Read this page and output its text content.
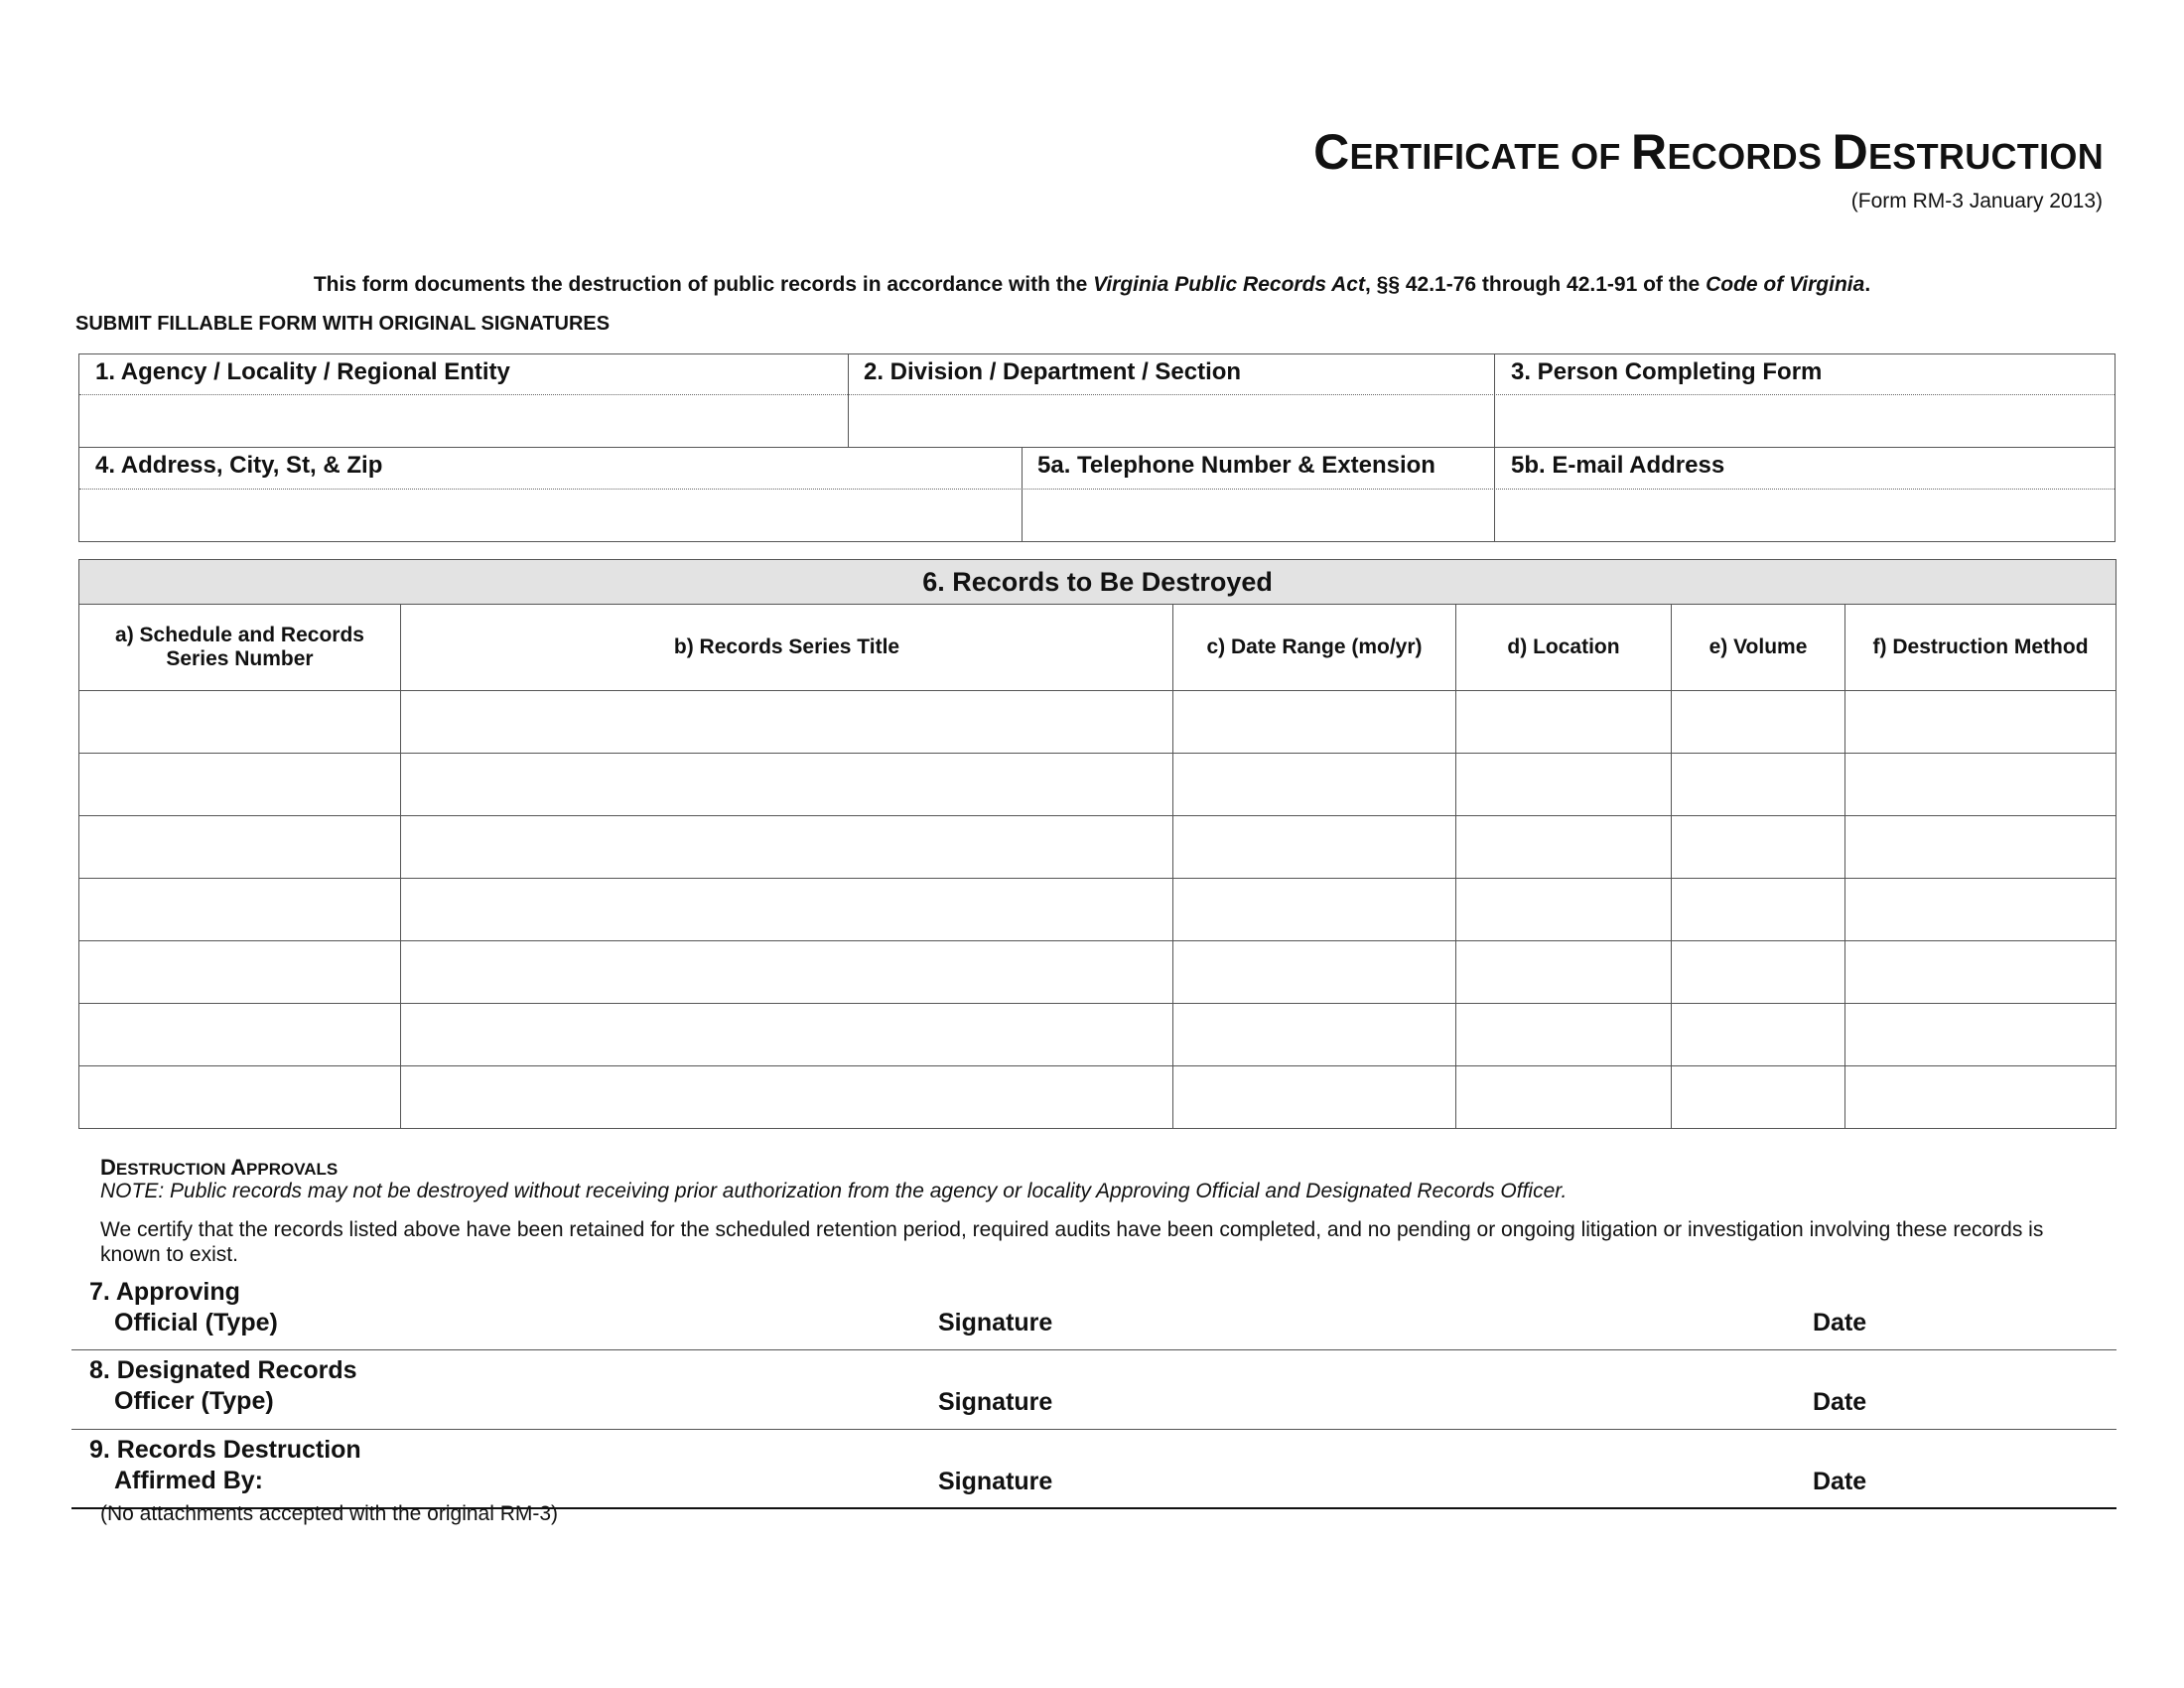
CERTIFICATE OF RECORDS DESTRUCTION
(Form RM-3 January 2013)
This form documents the destruction of public records in accordance with the Virginia Public Records Act, §§ 42.1-76 through 42.1-91 of the Code of Virginia.
SUBMIT FILLABLE FORM WITH ORIGINAL SIGNATURES
1. Agency / Locality / Regional Entity	2. Division / Department / Section	3. Person Completing Form
4. Address, City, St, & Zip	5a. Telephone Number & Extension	5b. E-mail Address
6. Records to Be Destroyed					
a) Schedule and Records Series Number	b) Records Series Title	c) Date Range (mo/yr)	d) Location	e) Volume	f) Destruction Method

DESTRUCTION APPROVALS
NOTE: Public records may not be destroyed without receiving prior authorization from the agency or locality Approving Official and Designated Records Officer.
We certify that the records listed above have been retained for the scheduled retention period, required audits have been completed, and no pending or ongoing litigation or investigation involving these records is known to exist.
7. Approving
Official (Type)	Signature	Date
8. Designated Records
Officer (Type)	Signature	Date
9. Records Destruction
Affirmed By:	Signature	Date
(No attachments accepted with the original RM-3)
